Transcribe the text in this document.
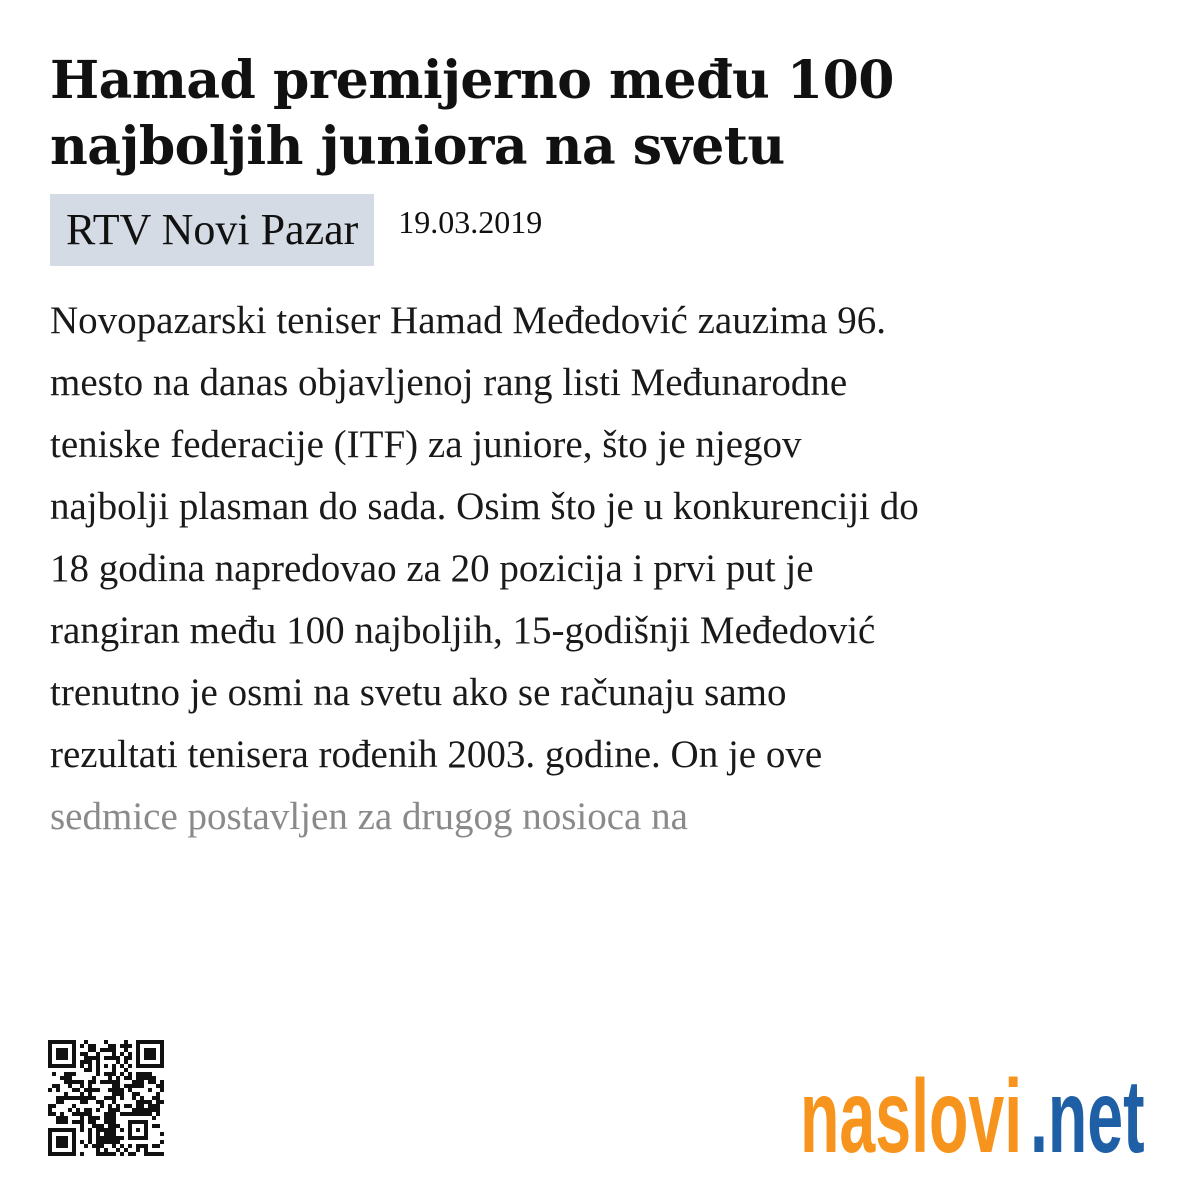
Hamad premijerno među 100
najboljih juniora na svetu
RTV Novi Pazar	19.03.2019
Novopazarski teniser Hamad Međedović zauzima 96.
mesto na danas objavljenoj rang listi Međunarodne
teniske federacije (ITF) za juniore, što je njegov
najbolji plasman do sada. Osim što je u konkurenciji do
18 godina napredovao za 20 pozicija i prvi put je
rangiran među 100 najboljih, 15-godišnji Međedović
trenutno je osmi na svetu ako se računaju samo
rezultati tenisera rođenih 2003. godine. On je ove
sedmice postavljen za drugog nosioca na
naslovi .net
